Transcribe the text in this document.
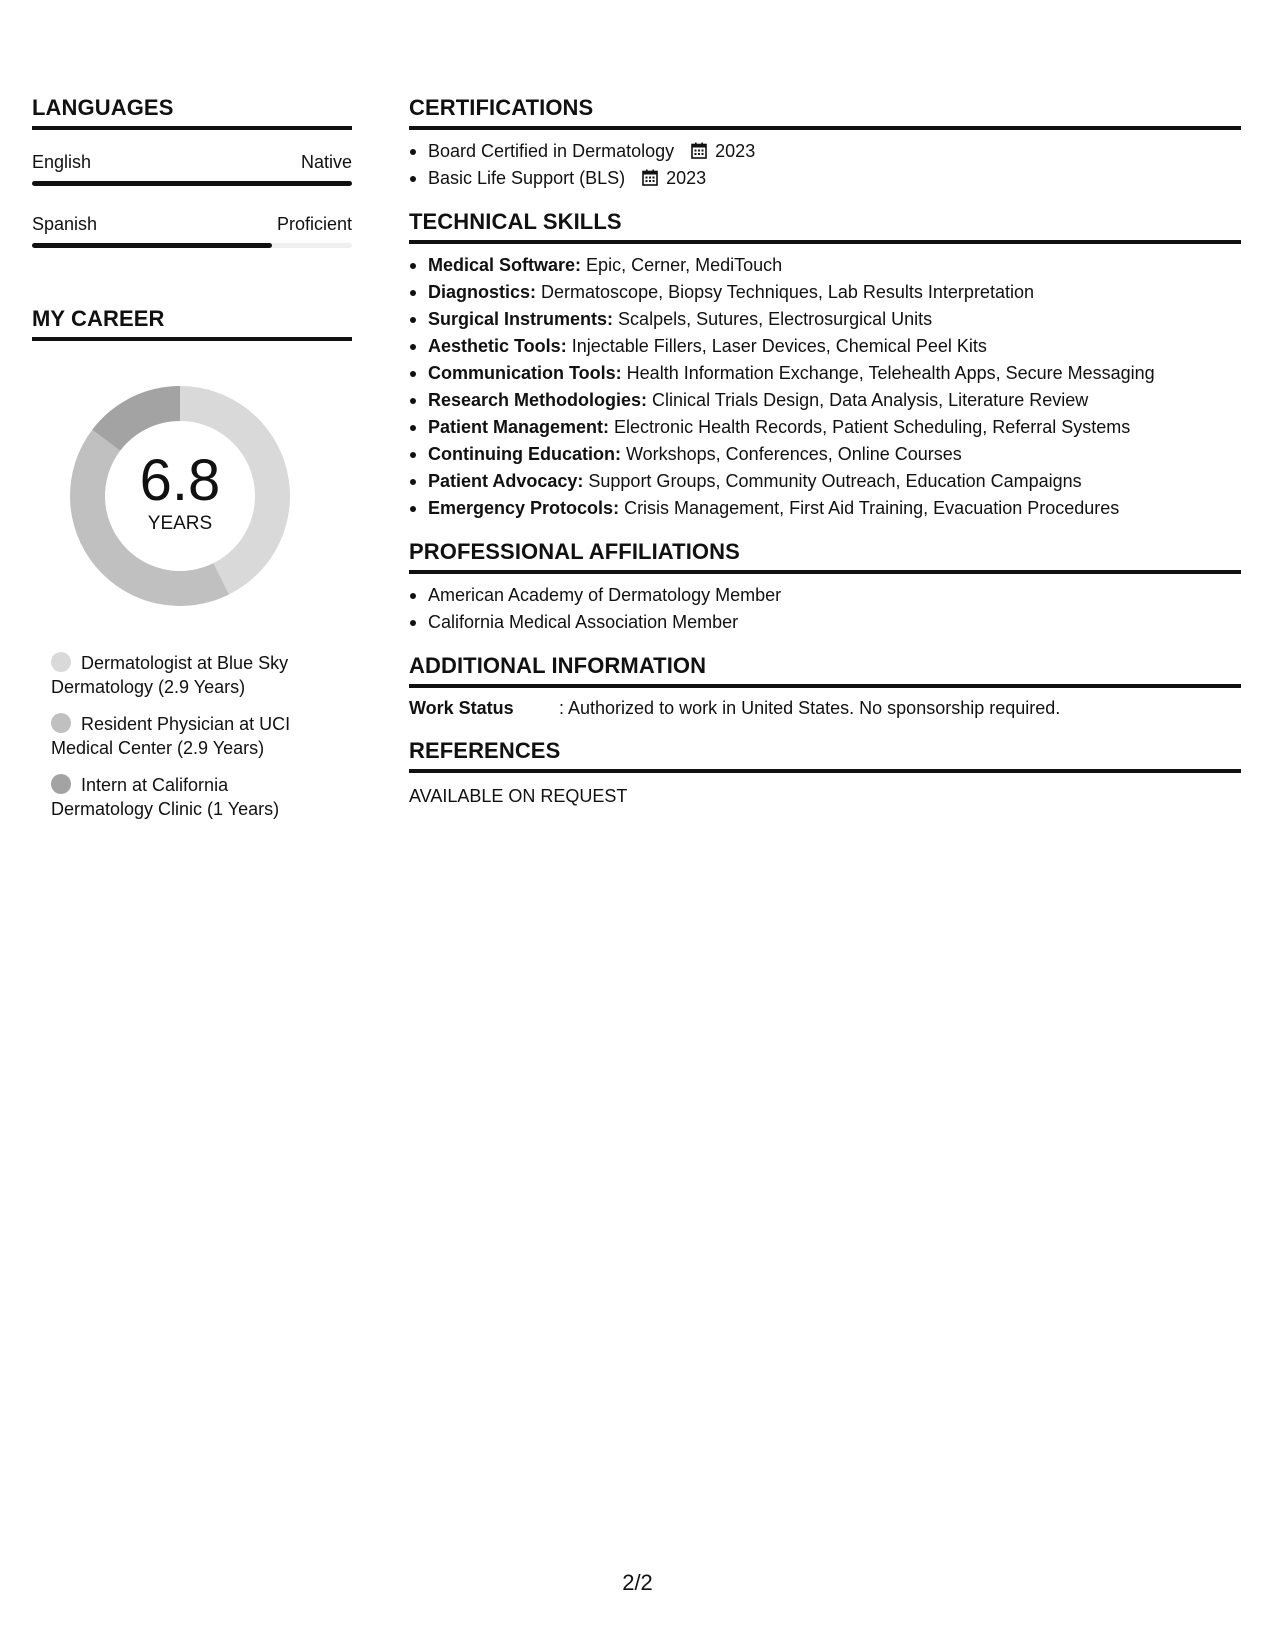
LANGUAGES
English	Native
Spanish	Proficient
MY CAREER
6.8
YEARS
Dermatologist at Blue Sky Dermatology (2.9 Years)
Resident Physician at UCI Medical Center (2.9 Years)
Intern at California Dermatology Clinic (1 Years)
CERTIFICATIONS
Board Certified in Dermatology 2023
Basic Life Support (BLS) 2023
TECHNICAL SKILLS
Medical Software: Epic, Cerner, MediTouch
Diagnostics: Dermatoscope, Biopsy Techniques, Lab Results Interpretation
Surgical Instruments: Scalpels, Sutures, Electrosurgical Units
Aesthetic Tools: Injectable Fillers, Laser Devices, Chemical Peel Kits
Communication Tools: Health Information Exchange, Telehealth Apps, Secure Messaging
Research Methodologies: Clinical Trials Design, Data Analysis, Literature Review
Patient Management: Electronic Health Records, Patient Scheduling, Referral Systems
Continuing Education: Workshops, Conferences, Online Courses
Patient Advocacy: Support Groups, Community Outreach, Education Campaigns
Emergency Protocols: Crisis Management, First Aid Training, Evacuation Procedures
PROFESSIONAL AFFILIATIONS
American Academy of Dermatology Member
California Medical Association Member
ADDITIONAL INFORMATION
Work Status	: Authorized to work in United States. No sponsorship required.
REFERENCES
AVAILABLE ON REQUEST
2/2
